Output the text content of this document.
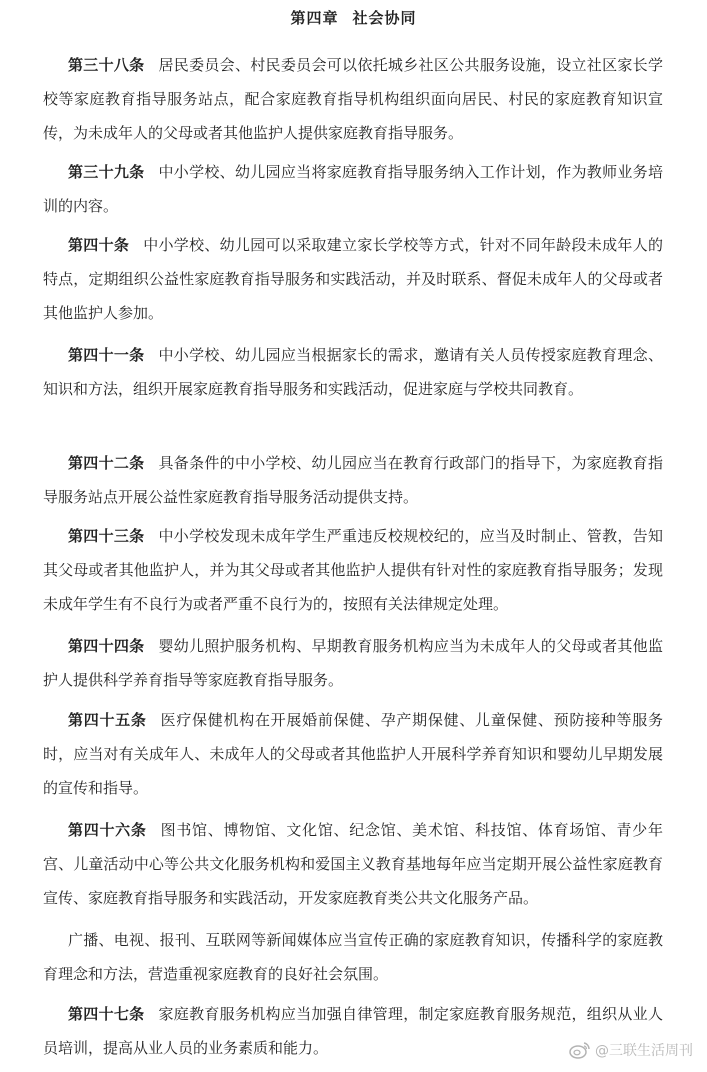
第四章 社会协同

第三十八条 居民委员会、村民委员会可以依托城乡社区公共服务设施，设立社区家长学校等家庭教育指导服务站点，配合家庭教育指导机构组织面向居民、村民的家庭教育知识宣传，为未成年人的父母或者其他监护人提供家庭教育指导服务。

第三十九条 中小学校、幼儿园应当将家庭教育指导服务纳入工作计划，作为教师业务培训的内容。

第四十条 中小学校、幼儿园可以采取建立家长学校等方式，针对不同年龄段未成年人的特点，定期组织公益性家庭教育指导服务和实践活动，并及时联系、督促未成年人的父母或者其他监护人参加。

第四十一条 中小学校、幼儿园应当根据家长的需求，邀请有关人员传授家庭教育理念、知识和方法，组织开展家庭教育指导服务和实践活动，促进家庭与学校共同教育。

第四十二条 具备条件的中小学校、幼儿园应当在教育行政部门的指导下，为家庭教育指导服务站点开展公益性家庭教育指导服务活动提供支持。

第四十三条 中小学校发现未成年学生严重违反校规校纪的，应当及时制止、管教，告知其父母或者其他监护人，并为其父母或者其他监护人提供有针对性的家庭教育指导服务；发现未成年学生有不良行为或者严重不良行为的，按照有关法律规定处理。

第四十四条 婴幼儿照护服务机构、早期教育服务机构应当为未成年人的父母或者其他监护人提供科学养育指导等家庭教育指导服务。

第四十五条 医疗保健机构在开展婚前保健、孕产期保健、儿童保健、预防接种等服务时，应当对有关成年人、未成年人的父母或者其他监护人开展科学养育知识和婴幼儿早期发展的宣传和指导。

第四十六条 图书馆、博物馆、文化馆、纪念馆、美术馆、科技馆、体育场馆、青少年宫、儿童活动中心等公共文化服务机构和爱国主义教育基地每年应当定期开展公益性家庭教育宣传、家庭教育指导服务和实践活动，开发家庭教育类公共文化服务产品。

广播、电视、报刊、互联网等新闻媒体应当宣传正确的家庭教育知识，传播科学的家庭教育理念和方法，营造重视家庭教育的良好社会氛围。

第四十七条 家庭教育服务机构应当加强自律管理，制定家庭教育服务规范，组织从业人员培训，提高从业人员的业务素质和能力。	@三联生活周刊
